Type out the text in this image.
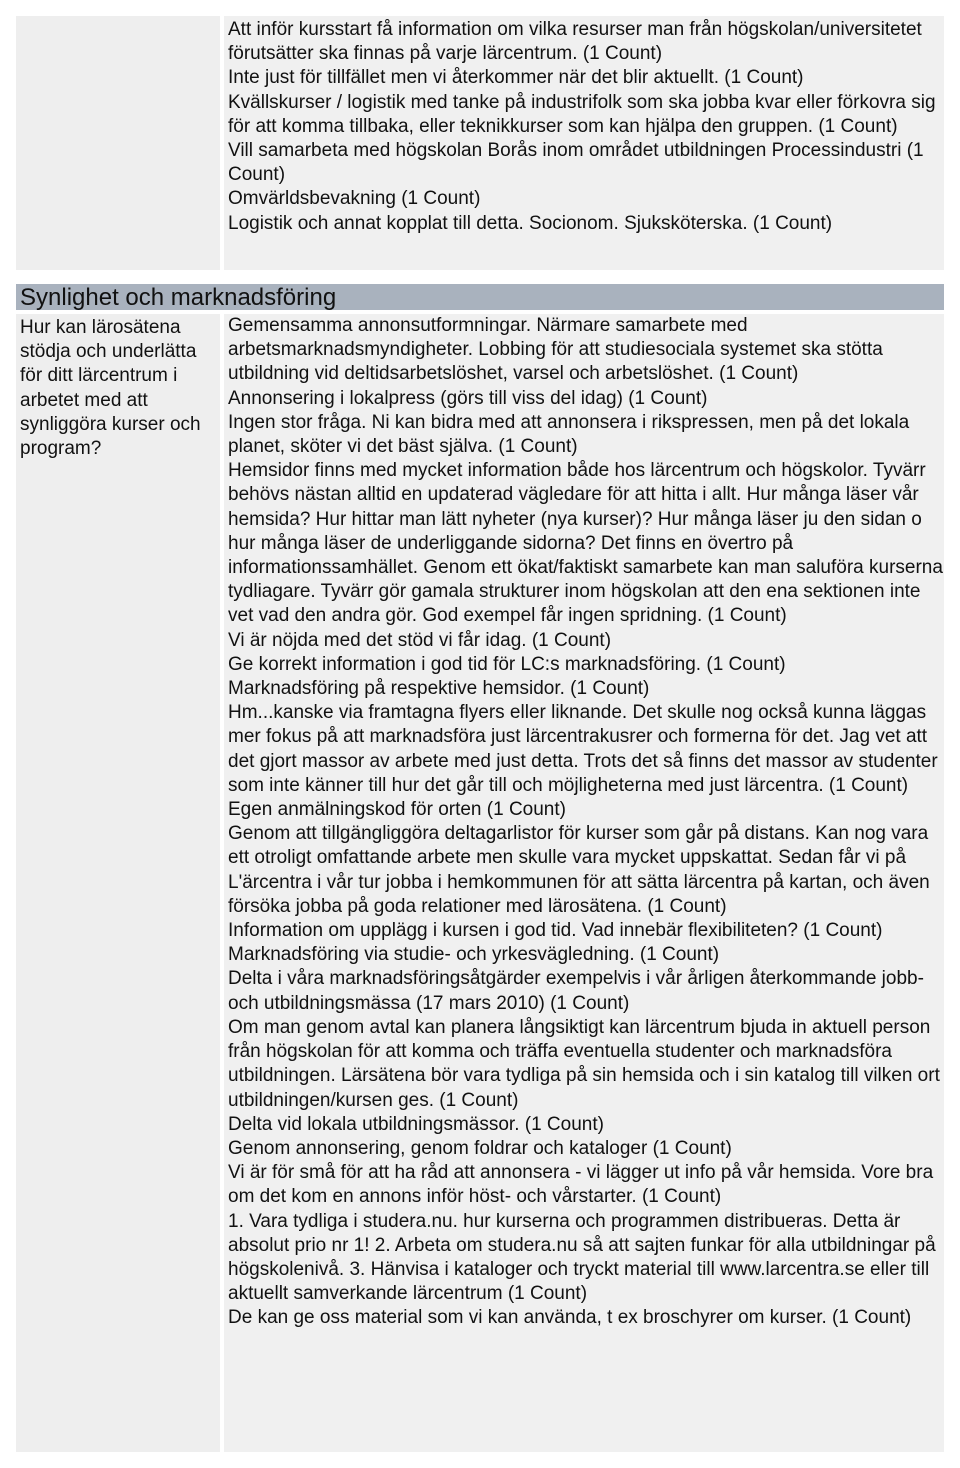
Att inför kursstart få information om vilka resurser man från högskolan/universitetet förutsätter ska finnas på varje lärcentrum. (1 Count)

Inte just för tillfället men vi återkommer när det blir aktuellt. (1 Count)

Kvällskurser / logistik med tanke på industrifolk som ska jobba kvar eller förkovra sig för att komma tillbaka, eller teknikkurser som kan hjälpa den gruppen. (1 Count)

Vill samarbeta med högskolan Borås inom området utbildningen Processindustri (1 Count)

Omvärldsbevakning (1 Count)

Logistik och annat kopplat till detta. Socionom. Sjuksköterska. (1 Count)

Synlighet och marknadsföring
Hur kan lärosätena stödja och underlätta för ditt lärcentrum i arbetet med att synliggöra kurser och program?

Gemensamma annonsutformningar. Närmare samarbete med arbetsmarknadsmyndigheter. Lobbing för att studiesociala systemet ska stötta utbildning vid deltidsarbetslöshet, varsel och arbetslöshet. (1 Count)

Annonsering i lokalpress (görs till viss del idag) (1 Count)

Ingen stor fråga. Ni kan bidra med att annonsera i rikspressen, men på det lokala planet, sköter vi det bäst själva. (1 Count)

Hemsidor finns med mycket information både hos lärcentrum och högskolor. Tyvärr behövs nästan alltid en updaterad vägledare för att hitta i allt. Hur många läser vår hemsida? Hur hittar man lätt nyheter (nya kurser)? Hur många läser ju den sidan o hur många läser de underliggande sidorna? Det finns en övertro på informationssamhället. Genom ett ökat/faktiskt samarbete kan man saluföra kurserna tydliagare. Tyvärr gör gamala strukturer inom högskolan att den ena sektionen inte vet vad den andra gör. God exempel får ingen spridning. (1 Count)

Vi är nöjda med det stöd vi får idag. (1 Count)

Ge korrekt information i god tid för LC:s marknadsföring. (1 Count)

Marknadsföring på respektive hemsidor. (1 Count)

Hm...kanske via framtagna flyers eller liknande. Det skulle nog också kunna läggas mer fokus på att marknadsföra just lärcentrakusrer och formerna för det. Jag vet att det gjort massor av arbete med just detta. Trots det så finns det massor av studenter som inte känner till hur det går till och möjligheterna med just lärcentra. (1 Count)

Egen anmälningskod för orten (1 Count)

Genom att tillgängliggöra deltagarlistor för kurser som går på distans. Kan nog vara ett otroligt omfattande arbete men skulle vara mycket uppskattat. Sedan får vi på L'ärcentra i vår tur jobba i hemkommunen för att sätta lärcentra på kartan, och även försöka jobba på goda relationer med lärosätena. (1 Count)

Information om upplägg i kursen i god tid. Vad innebär flexibiliteten? (1 Count)

Marknadsföring via studie- och yrkesvägledning. (1 Count)

Delta i våra marknadsföringsåtgärder exempelvis i vår årligen återkommande jobb- och utbildningsmässa (17 mars 2010) (1 Count)

Om man genom avtal kan planera långsiktigt kan lärcentrum bjuda in aktuell person från högskolan för att komma och träffa eventuella studenter och marknadsföra utbildningen. Lärsätena bör vara tydliga på sin hemsida och i sin katalog till vilken ort utbildningen/kursen ges. (1 Count)

Delta vid lokala utbildningsmässor. (1 Count)

Genom annonsering, genom foldrar och kataloger (1 Count)

Vi är för små för att ha råd att annonsera - vi lägger ut info på vår hemsida. Vore bra om det kom en annons inför höst- och vårstarter. (1 Count)

1. Vara tydliga i studera.nu. hur kurserna och programmen distribueras. Detta är absolut prio nr 1! 2. Arbeta om studera.nu så att sajten funkar för alla utbildningar på högskolenivå. 3. Hänvisa i kataloger och tryckt material till www.larcentra.se eller till aktuellt samverkande lärcentrum (1 Count)

De kan ge oss material som vi kan använda, t ex broschyrer om kurser. (1 Count)
